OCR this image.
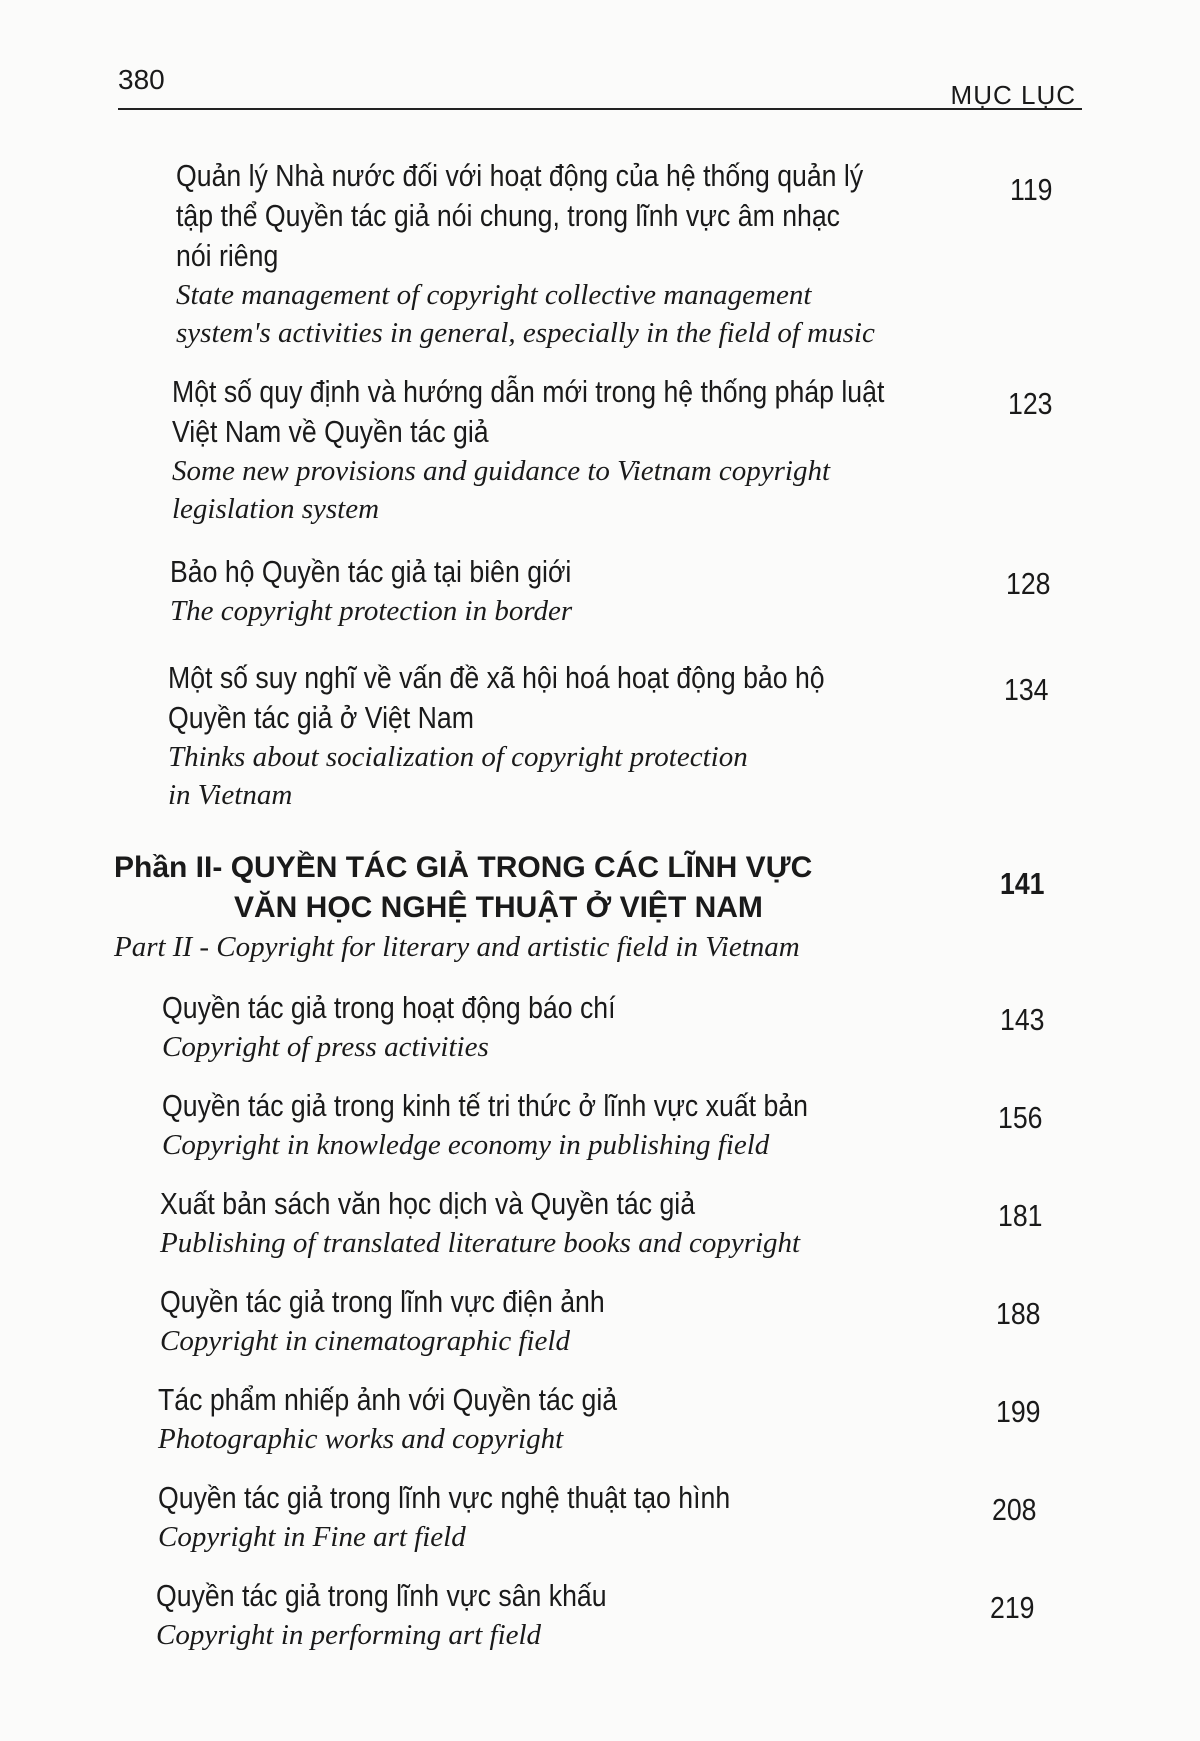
380	MỤC LỤC
Quản lý Nhà nước đối với hoạt động của hệ thống quản lý
tập thể Quyền tác giả nói chung, trong lĩnh vực âm nhạc
nói riêng
State management of copyright collective management
system's activities in general, especially in the field of music
119
Một số quy định và hướng dẫn mới trong hệ thống pháp luật
Việt Nam về Quyền tác giả
Some new provisions and guidance to Vietnam copyright
legislation system
123
Bảo hộ Quyền tác giả tại biên giới
The copyright protection in border
128
Một số suy nghĩ về vấn đề xã hội hoá hoạt động bảo hộ
Quyền tác giả ở Việt Nam
Thinks about socialization of copyright protection
in Vietnam
134
Phần II- QUYỀN TÁC GIẢ TRONG CÁC LĨNH VỰC
VĂN HỌC NGHỆ THUẬT Ở VIỆT NAM
Part II - Copyright for literary and artistic field in Vietnam
141
Quyền tác giả trong hoạt động báo chí
Copyright of press activities
143
Quyền tác giả trong kinh tế tri thức ở lĩnh vực xuất bản
Copyright in knowledge economy in publishing field
156
Xuất bản sách văn học dịch và Quyền tác giả
Publishing of translated literature books and copyright
181
Quyền tác giả trong lĩnh vực điện ảnh
Copyright in cinematographic field
188
Tác phẩm nhiếp ảnh với Quyền tác giả
Photographic works and copyright
199
Quyền tác giả trong lĩnh vực nghệ thuật tạo hình
Copyright in Fine art field
208
Quyền tác giả trong lĩnh vực sân khấu
Copyright in performing art field
219
